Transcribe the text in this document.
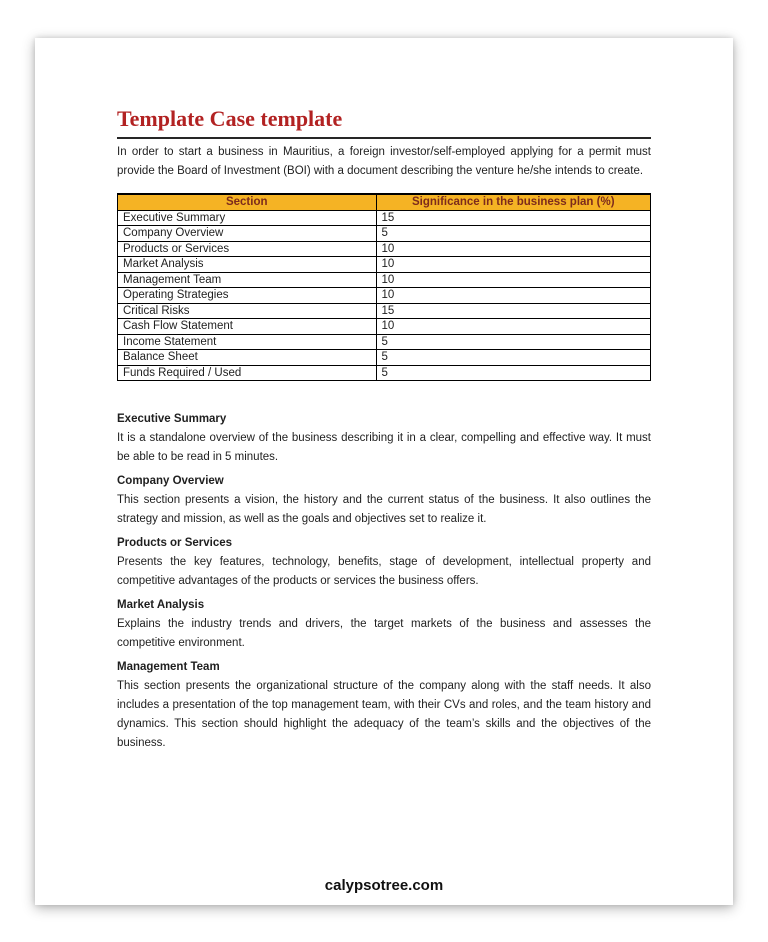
Template Case template

In order to start a business in Mauritius, a foreign investor/self-employed applying for a permit must provide the Board of Investment (BOI) with a document describing the venture he/she intends to create.

Section	Significance in the business plan (%)
Executive Summary	15
Company Overview	5
Products or Services	10
Market Analysis	10
Management Team	10
Operating Strategies	10
Critical Risks	15
Cash Flow Statement	10
Income Statement	5
Balance Sheet	5
Funds Required / Used	5

Executive Summary

It is a standalone overview of the business describing it in a clear, compelling and effective way. It must be able to be read in 5 minutes.

Company Overview

This section presents a vision, the history and the current status of the business. It also outlines the strategy and mission, as well as the goals and objectives set to realize it.

Products or Services

Presents the key features, technology, benefits, stage of development, intellectual property and competitive advantages of the products or services the business offers.

Market Analysis

Explains the industry trends and drivers, the target markets of the business and assesses the competitive environment.

Management Team

This section presents the organizational structure of the company along with the staff needs. It also includes a presentation of the top management team, with their CVs and roles, and the team history and dynamics. This section should highlight the adequacy of the team’s skills and the objectives of the business.

calypsotree.com
